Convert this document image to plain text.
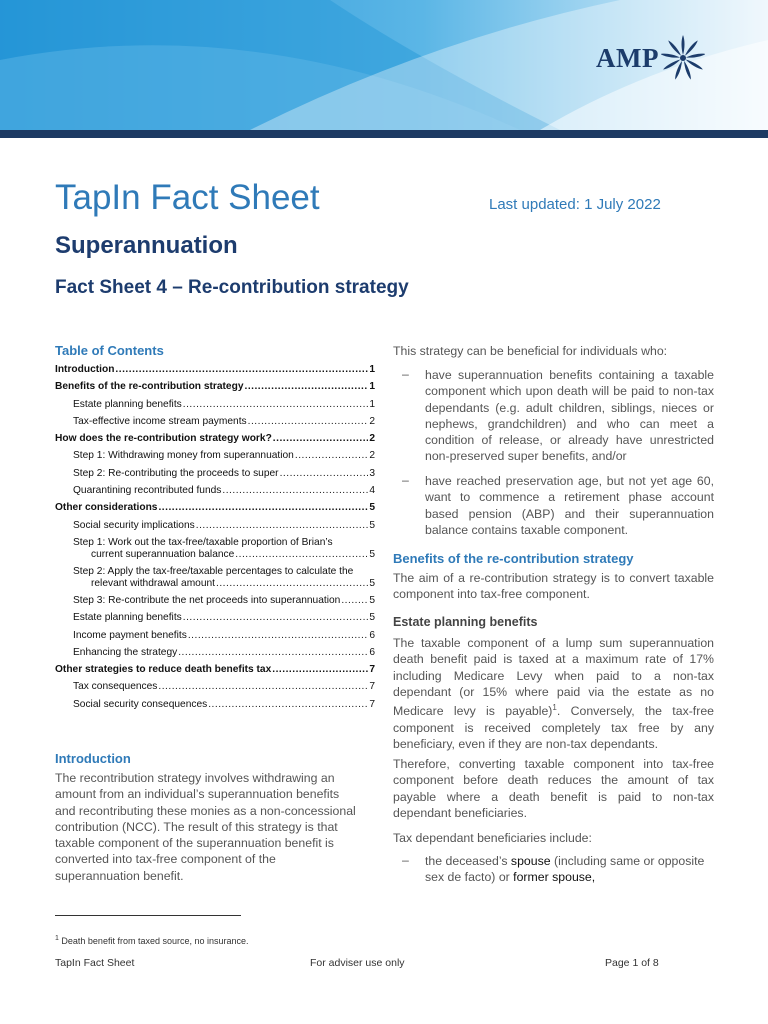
AMP
TapIn Fact Sheet	Last updated: 1 July 2022
Superannuation
Fact Sheet 4 – Re-contribution strategy
Table of Contents
Introduction .....	1
Benefits of the re-contribution strategy .....	1
Estate planning benefits .....	1
Tax-effective income stream payments .....	2
How does the re-contribution strategy work? .....	2
Step 1: Withdrawing money from superannuation .....	2
Step 2: Re-contributing the proceeds to super .....	3
Quarantining recontributed funds .....	4
Other considerations .....	5
Social security implications .....	5
Step 1: Work out the tax-free/taxable proportion of Brian’s
current superannuation balance .....	5
Step 2: Apply the tax-free/taxable percentages to calculate the
relevant withdrawal amount .....	5
Step 3: Re-contribute the net proceeds into superannuation .....	5
Estate planning benefits .....	5
Income payment benefits .....	6
Enhancing the strategy .....	6
Other strategies to reduce death benefits tax .....	7
Tax consequences .....	7
Social security consequences .....	7
Introduction
The recontribution strategy involves withdrawing an
amount from an individual’s superannuation benefits
and recontributing these monies as a non-concessional
contribution (NCC). The result of this strategy is that
taxable component of the superannuation benefit is
converted into tax-free component of the
superannuation benefit.
This strategy can be beneficial for individuals who:
– have superannuation benefits containing a taxable component which upon death will be paid to non-tax dependants (e.g. adult children, siblings, nieces or nephews, grandchildren) and who can meet a condition of release, or already have unrestricted non-preserved super benefits, and/or
– have reached preservation age, but not yet age 60, want to commence a retirement phase account based pension (ABP) and their superannuation balance contains taxable component.
Benefits of the re-contribution strategy
The aim of a re-contribution strategy is to convert taxable component into tax-free component.
Estate planning benefits
The taxable component of a lump sum superannuation death benefit paid is taxed at a maximum rate of 17% including Medicare Levy when paid to a non-tax dependant (or 15% where paid via the estate as no Medicare levy is payable)$^1$. Conversely, the tax-free component is received completely tax free by any beneficiary, even if they are non-tax dependants.
Therefore, converting taxable component into tax-free component before death reduces the amount of tax payable where a death benefit is paid to non-tax dependant beneficiaries.
Tax dependant beneficiaries include:
– the deceased’s spouse (including same or opposite sex de facto) or former spouse,
$^1$ Death benefit from taxed source, no insurance.
TapIn Fact Sheet	For adviser use only	Page 1 of 8
